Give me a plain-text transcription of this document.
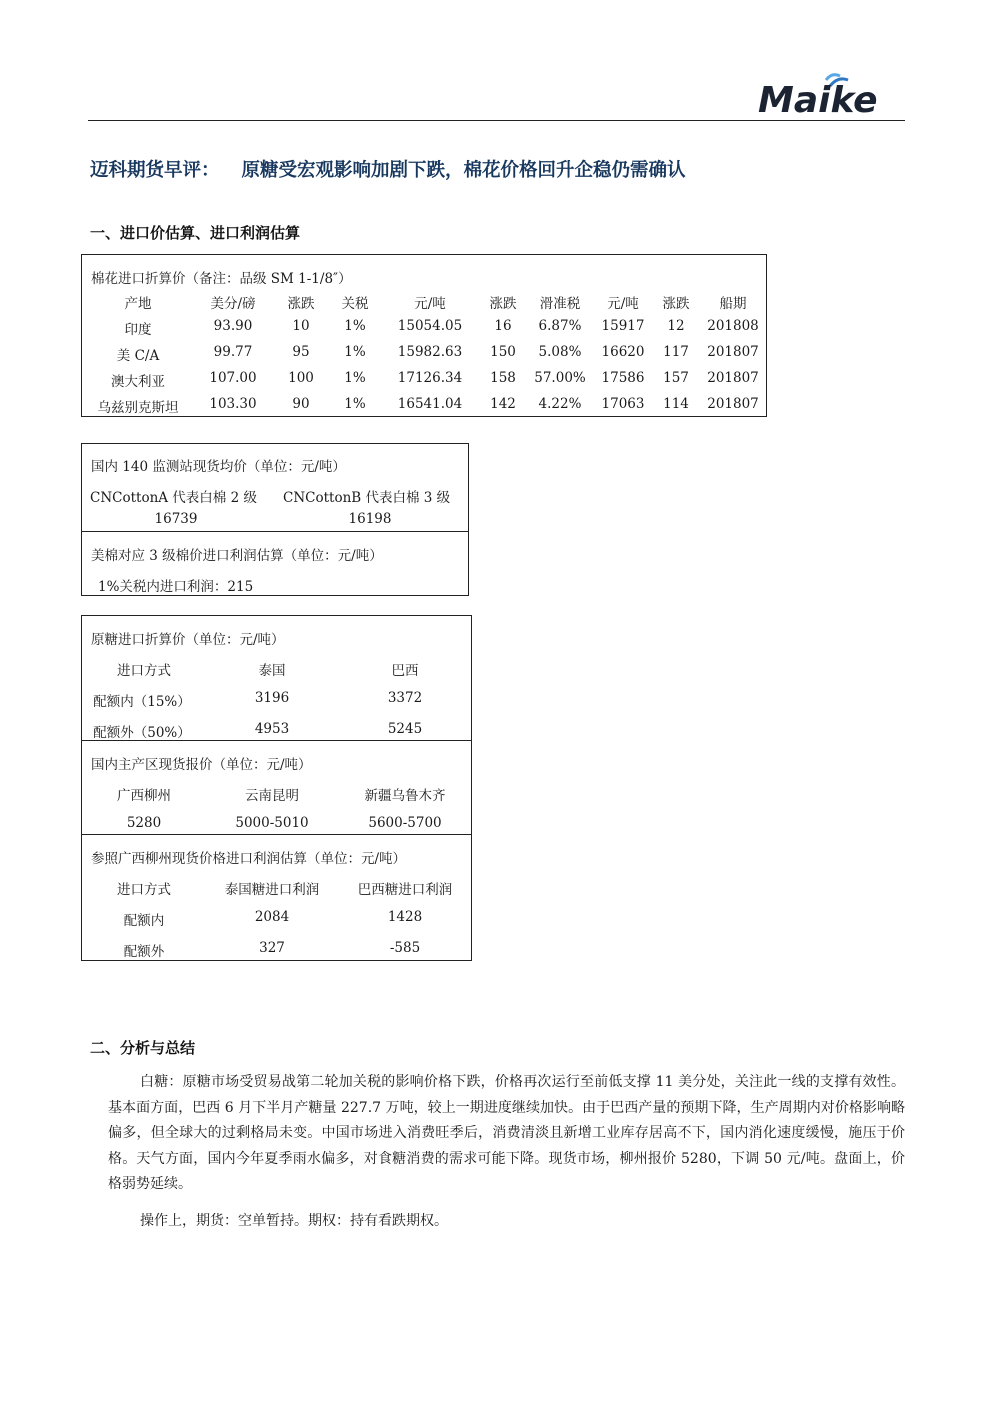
Maike
迈科期货早评： 原糖受宏观影响加剧下跌，棉花价格回升企稳仍需确认
一、进口价估算、进口利润估算
棉花进口折算价（备注：品级 SM 1-1/8″）
产地	美分/磅 涨跌 关税	元/吨	涨跌 滑准税 元/吨 涨跌 船期
印度	93.90	10	1% 15054.05 16 6.87% 15917 12 201808
美 C/A	99.77	95	1% 15982.63 150 5.08% 16620 117 201807
澳大利亚	107.00 100 1% 17126.34 158 57.00% 17586 157 201807
乌兹别克斯坦 103.30	90	1% 16541.04 142 4.22% 17063 114 201807
国内 140 监测站现货均价（单位：元/吨）
CNCottonA 代表白棉 2 级 CNCottonB 代表白棉 3 级
16739	16198
美棉对应 3 级棉价进口利润估算（单位：元/吨）
1%关税内进口利润：215
原糖进口折算价（单位：元/吨）
进口方式	泰国	巴西
配额内（15%）	3196	3372
配额外（50%）	4953	5245
国内主产区现货报价（单位：元/吨）
广西柳州	云南昆明	新疆乌鲁木齐
5280	5000-5010	5600-5700
参照广西柳州现货价格进口利润估算（单位：元/吨）
进口方式	泰国糖进口利润	巴西糖进口利润
配额内	2084	1428
配额外	327	-585
二、分析与总结
白糖：原糖市场受贸易战第二轮加关税的影响价格下跌，价格再次运行至前低支撑 11 美分处，关注此一线的支撑有效性。基本面方面，巴西 6 月下半月产糖量 227.7 万吨，较上一期进度继续加快。由于巴西产量的预期下降，生产周期内对价格影响略偏多，但全球大的过剩格局未变。中国市场进入消费旺季后，消费清淡且新增工业库存居高不下，国内消化速度缓慢，施压于价格。天气方面，国内今年夏季雨水偏多，对食糖消费的需求可能下降。现货市场，柳州报价 5280，下调 50 元/吨。盘面上，价格弱势延续。
操作上，期货：空单暂持。期权：持有看跌期权。
